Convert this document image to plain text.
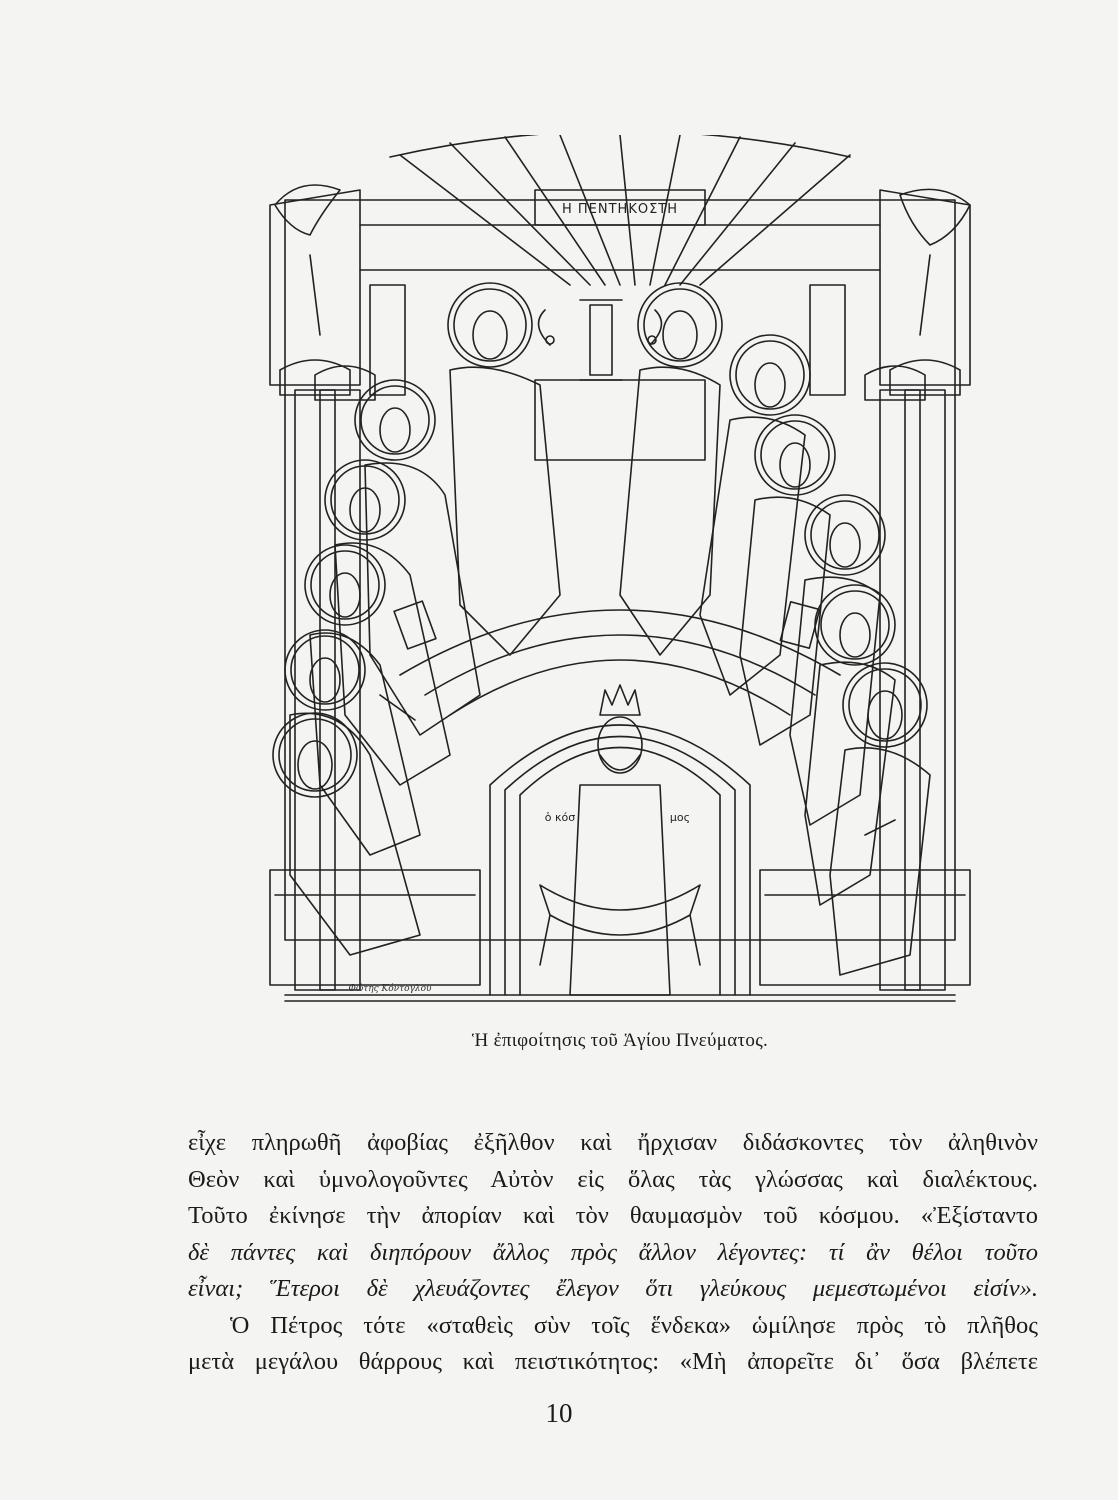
Η ΠΕΝΤΗΚΟΣΤΗ
ὁ κόσ	μος
Φώτης Κόντογλου
Ἡ ἐπιφοίτησις τοῦ Ἁγίου Πνεύματος.
εἶχε πληρωθῆ ἀφοβίας ἐξῆλθον καὶ ἤρχισαν διδάσκοντες τὸν ἀληθινὸν
Θεὸν καὶ ὑμνολογοῦντες Αὐτὸν εἰς ὅλας τὰς γλώσσας καὶ διαλέκτους.
Τοῦτο ἐκίνησε τὴν ἀπορίαν καὶ τὸν θαυμασμὸν τοῦ κόσμου. «Ἐξίσταντο
δὲ πάντες καὶ διηπόρουν ἄλλος πρὸς ἄλλον λέγοντες: τί ἂν θέλοι τοῦτο
εἶναι; Ἕτεροι δὲ χλευάζοντες ἔλεγον ὅτι γλεύκους μεμεστωμένοι εἰσίν».
Ὁ Πέτρος τότε «σταθεὶς σὺν τοῖς ἕνδεκα» ὡμίλησε πρὸς τὸ πλῆθος
μετὰ μεγάλου θάρρους καὶ πειστικότητος: «Μὴ ἀπορεῖτε δι᾽ ὅσα βλέπετε
10
